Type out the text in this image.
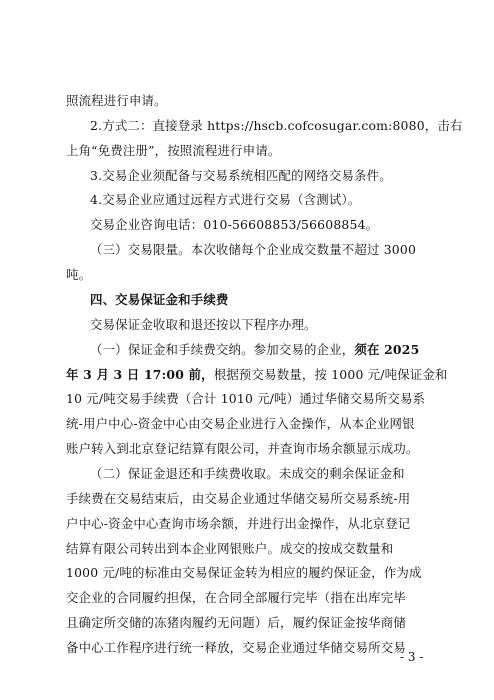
照流程进行申请。
2.方式二：直接登录 https://hscb.cofcosugar.com:8080，击右
上角“免费注册”，按照流程进行申请。
3.交易企业须配备与交易系统相匹配的网络交易条件。
4.交易企业应通过远程方式进行交易（含测试）。
交易企业咨询电话：010-56608853/56608854。
（三）交易限量。本次收储每个企业成交数量不超过 3000
吨。
四、交易保证金和手续费
交易保证金收取和退还按以下程序办理。
（一）保证金和手续费交纳。参加交易的企业，须在 2025
年 3 月 3 日 17:00 前，根据预交易数量，按 1000 元/吨保证金和
10 元/吨交易手续费（合计 1010 元/吨）通过华储交易所交易系
统-用户中心-资金中心由交易企业进行入金操作，从本企业网银
账户转入到北京登记结算有限公司，并查询市场余额显示成功。
（二）保证金退还和手续费收取。未成交的剩余保证金和
手续费在交易结束后，由交易企业通过华储交易所交易系统-用
户中心-资金中心查询市场余额，并进行出金操作，从北京登记
结算有限公司转出到本企业网银账户。成交的按成交数量和
1000 元/吨的标准由交易保证金转为相应的履约保证金，作为成
交企业的合同履约担保，在合同全部履行完毕（指在出库完毕
且确定所交储的冻猪肉履约无问题）后，履约保证金按华商储
备中心工作程序进行统一释放，交易企业通过华储交易所交易
- 3 -
